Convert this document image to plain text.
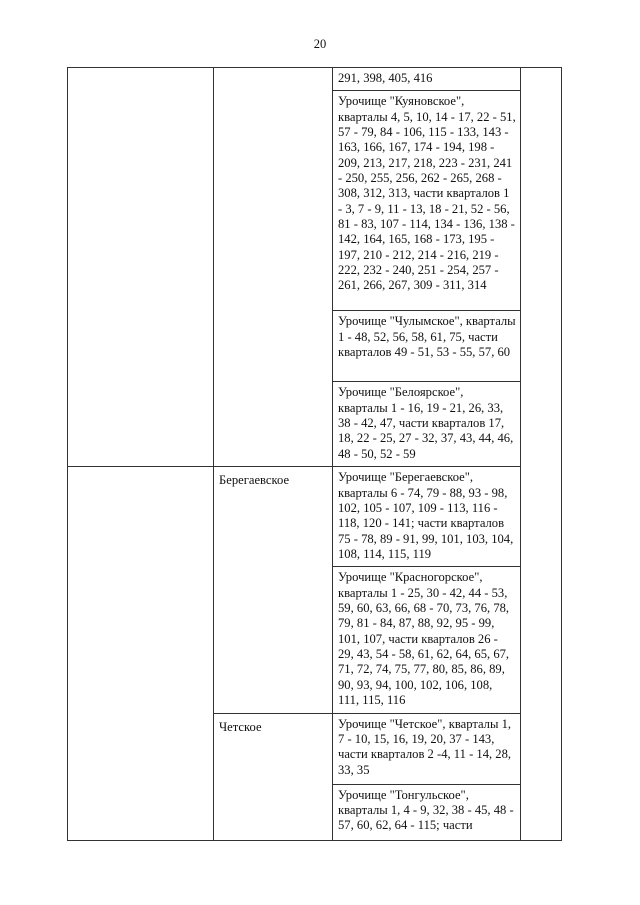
20

		291, 398, 405, 416	

		Урочище "Куяновское", кварталы 4, 5, 10, 14 - 17, 22 - 51, 57 - 79, 84 - 106, 115 - 133, 143 - 163, 166, 167, 174 - 194, 198 - 209, 213, 217, 218, 223 - 231, 241 - 250, 255, 256, 262 - 265, 268 - 308, 312, 313, части кварталов 1 - 3, 7 - 9, 11 - 13, 18 - 21, 52 - 56, 81 - 83, 107 - 114, 134 - 136, 138 - 142, 164, 165, 168 - 173, 195 - 197, 210 - 212, 214 - 216, 219 - 222, 232 - 240, 251 - 254, 257 - 261, 266, 267, 309 - 311, 314	

		Урочище "Чулымское", кварталы 1 - 48, 52, 56, 58, 61, 75, части кварталов 49 - 51, 53 - 55, 57, 60	

		Урочище "Белоярское", кварталы 1 - 16, 19 - 21, 26, 33, 38 - 42, 47, части кварталов 17, 18, 22 - 25, 27 - 32, 37, 43, 44, 46, 48 - 50, 52 - 59	

	Берегаевское	Урочище "Берегаевское", кварталы 6 - 74, 79 - 88, 93 - 98, 102, 105 - 107, 109 - 113, 116 - 118, 120 - 141; части кварталов 75 - 78, 89 - 91, 99, 101, 103, 104, 108, 114, 115, 119	

		Урочище "Красногорское", кварталы 1 - 25, 30 - 42, 44 - 53, 59, 60, 63, 66, 68 - 70, 73, 76, 78, 79, 81 - 84, 87, 88, 92, 95 - 99, 101, 107, части кварталов 26 - 29, 43, 54 - 58, 61, 62, 64, 65, 67, 71, 72, 74, 75, 77, 80, 85, 86, 89, 90, 93, 94, 100, 102, 106, 108, 111, 115, 116	

	Четское	Урочище "Четское", кварталы 1, 7 - 10, 15, 16, 19, 20, 37 - 143, части кварталов 2 -4, 11 - 14, 28, 33, 35	

		Урочище "Тонгульское", кварталы 1, 4 - 9, 32, 38 - 45, 48 - 57, 60, 62, 64 - 115; части	
